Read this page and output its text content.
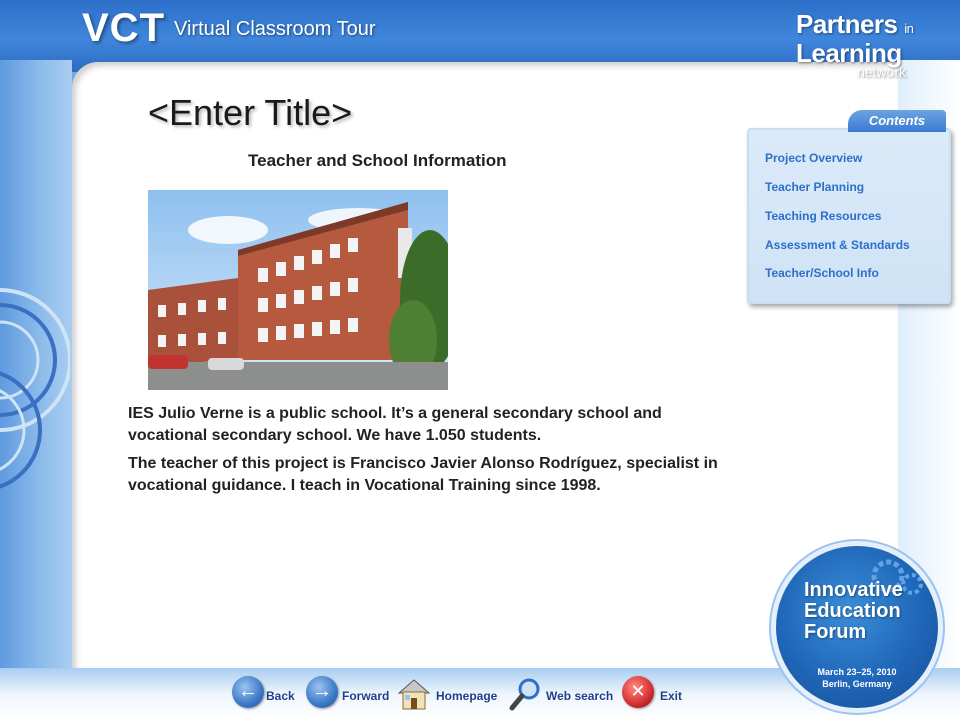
VCT Virtual Classroom Tour	Partners in
Learning
network
<Enter Title>
Teacher and School Information

IES Julio Verne is a public school. It’s a general secondary school and vocational secondary school. We have 1.050 students.

The teacher of this project is Francisco Javier Alonso Rodríguez, specialist in vocational guidance. I teach in Vocational Training since 1998.

Contents
Project Overview
Teacher Planning
Teaching Resources
Assessment & Standards
Teacher/School Info
← Back → Forward	Homepage	Web search ✕	Exit
Innovative
Education
Forum
March 23–25, 2010
Berlin, Germany
